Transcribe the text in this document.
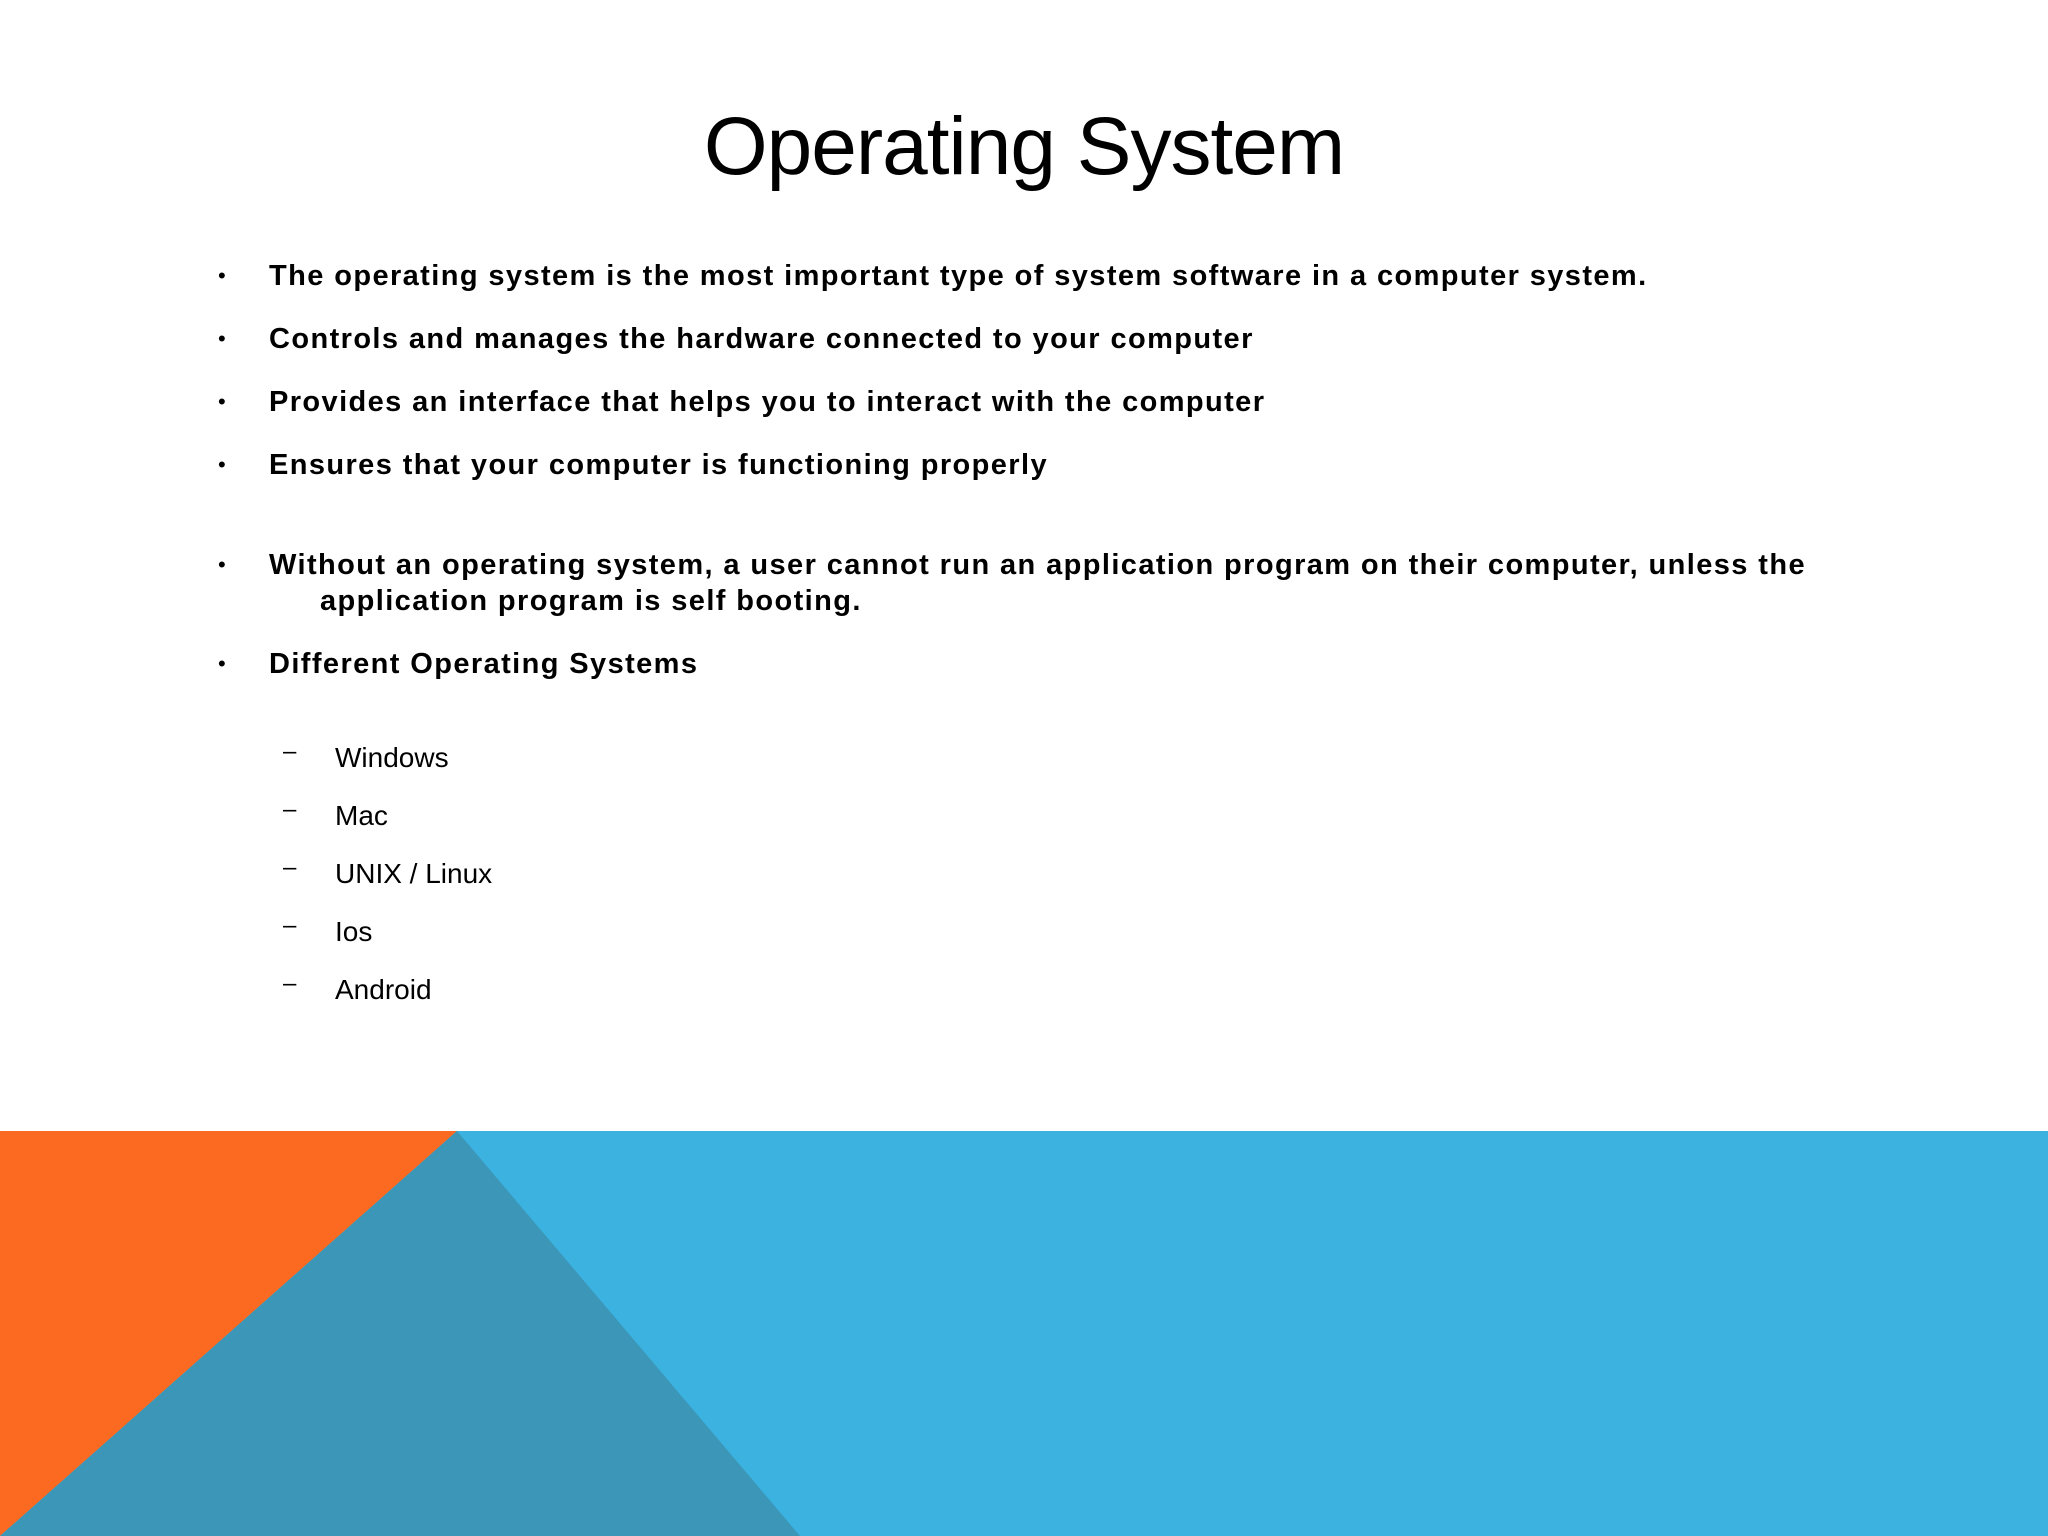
Operating System
• The operating system is the most important type of system software in a computer system.
• Controls and manages the hardware connected to your computer
• Provides an interface that helps you to interact with the computer
• Ensures that your computer is functioning properly
• Without an operating system, a user cannot run an application program on their computer, unless the
application program is self booting.
• Different Operating Systems
– Windows
– Mac
– UNIX / Linux
– Ios
– Android
